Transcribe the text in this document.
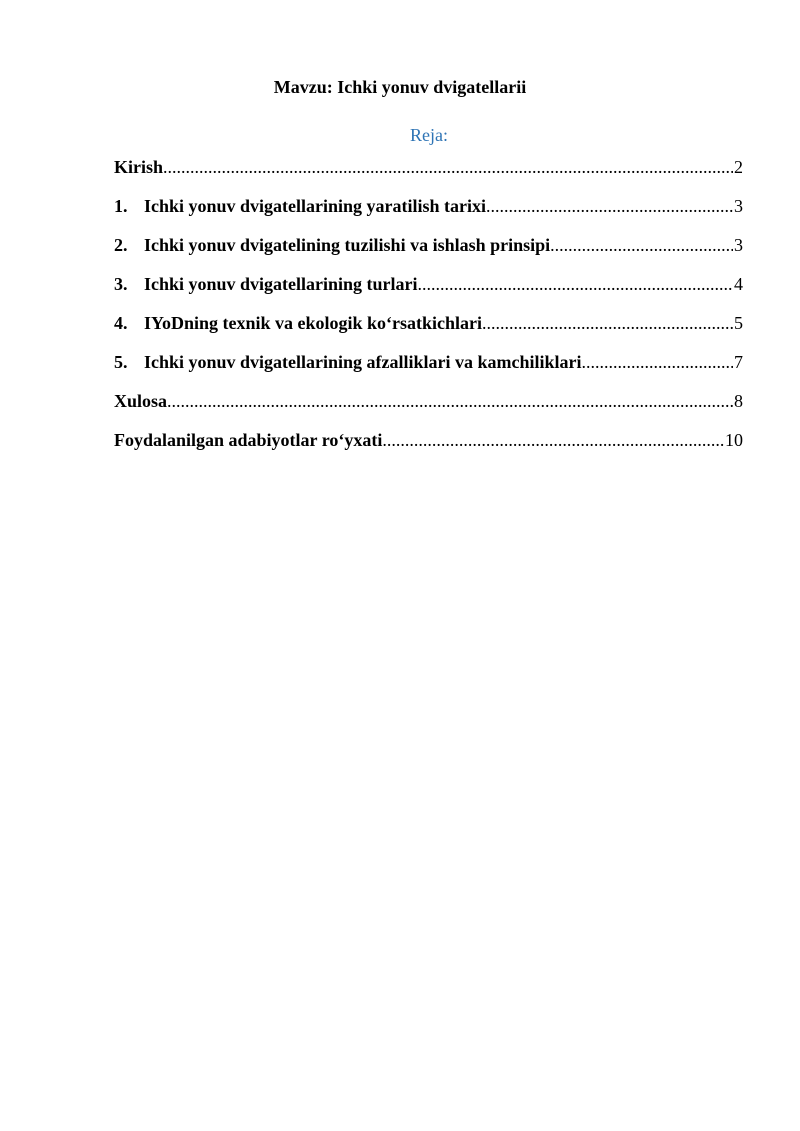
Mavzu: Ichki yonuv dvigatellarii
Reja:
Kirish .....	2
1. Ichki yonuv dvigatellarining yaratilish tarixi .....	3
2. Ichki yonuv dvigatelining tuzilishi va ishlash prinsipi .....	3
3. Ichki yonuv dvigatellarining turlari .....	4
4. IYoDning texnik va ekologik ko‘rsatkichlari .....	5
5. Ichki yonuv dvigatellarining afzalliklari va kamchiliklari .....	7
Xulosa .....	8
Foydalanilgan adabiyotlar ro‘yxati .....	10
